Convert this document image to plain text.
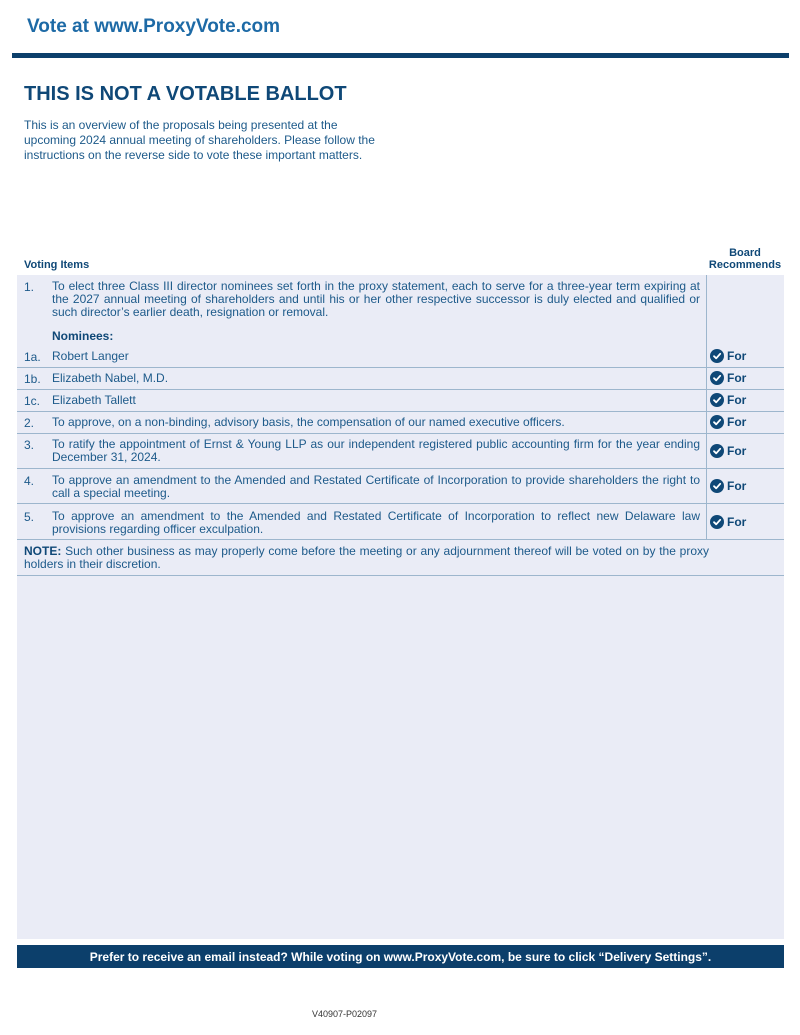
Vote at www.ProxyVote.com
THIS IS NOT A VOTABLE BALLOT
This is an overview of the proposals being presented at the upcoming 2024 annual meeting of shareholders. Please follow the instructions on the reverse side to vote these important matters.
Voting Items
Board
Recommends
1. To elect three Class III director nominees set forth in the proxy statement, each to serve for a three-year term expiring at the 2027 annual meeting of shareholders and until his or her other respective successor is duly elected and qualified or such director’s earlier death, resignation or removal.
Nominees:
1a. Robert Langer	For
1b. Elizabeth Nabel, M.D.	For
1c. Elizabeth Tallett	For
2. To approve, on a non-binding, advisory basis, the compensation of our named executive officers.	For
3. To ratify the appointment of Ernst & Young LLP as our independent registered public accounting firm for the year ending December 31, 2024.	For
4. To approve an amendment to the Amended and Restated Certificate of Incorporation to provide shareholders the right to call a special meeting.	For
5. To approve an amendment to the Amended and Restated Certificate of Incorporation to reflect new Delaware law provisions regarding officer exculpation.	For
NOTE: Such other business as may properly come before the meeting or any adjournment thereof will be voted on by the proxy holders in their discretion.
Prefer to receive an email instead? While voting on www.ProxyVote.com, be sure to click “Delivery Settings”.
V40907-P02097
